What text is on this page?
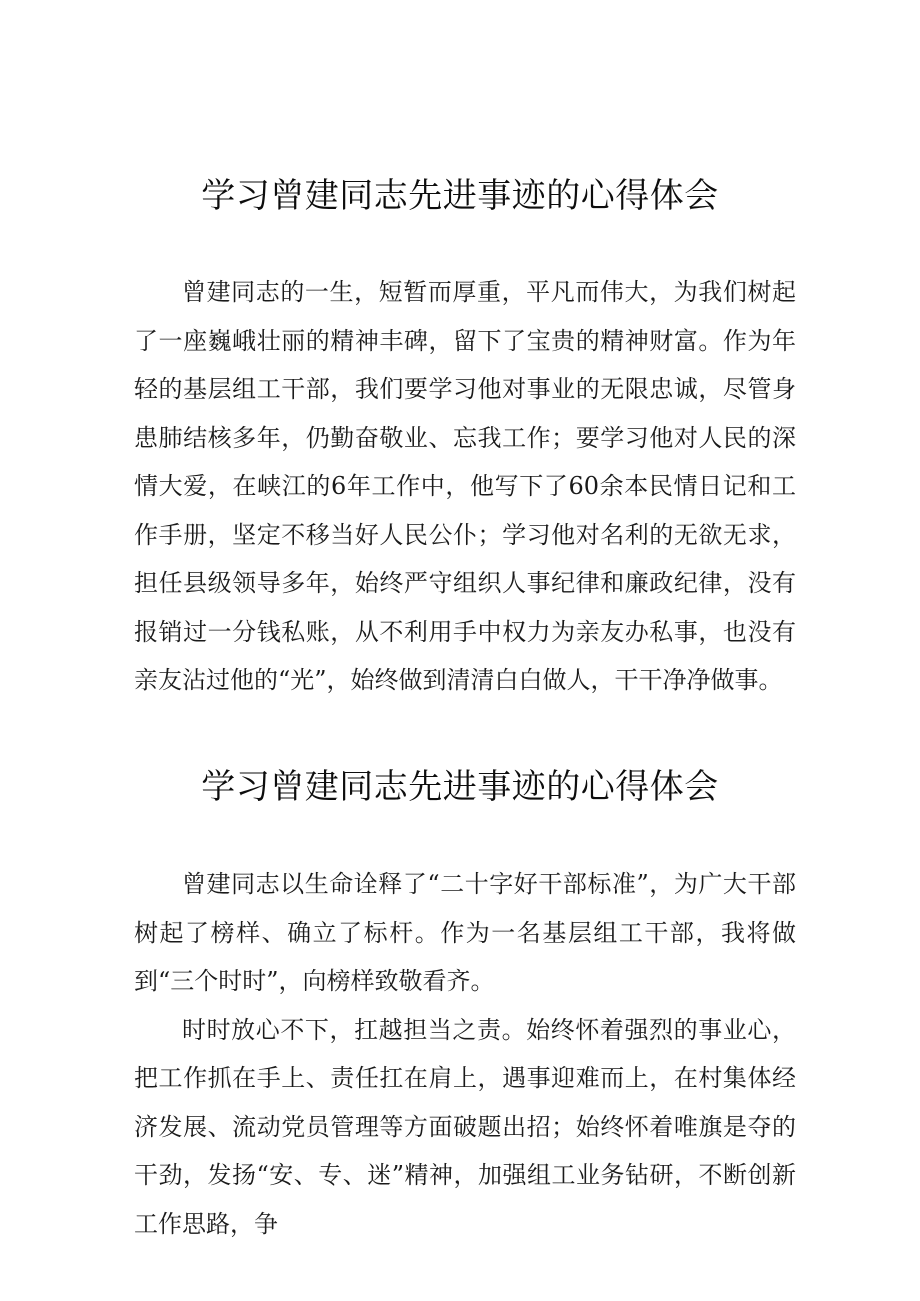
学习曾建同志先进事迹的心得体会

曾建同志的一生，短暂而厚重，平凡而伟大，为我们树起了一座巍峨壮丽的精神丰碑，留下了宝贵的精神财富。作为年轻的基层组工干部，我们要学习他对事业的无限忠诚，尽管身患肺结核多年，仍勤奋敬业、忘我工作；要学习他对人民的深情大爱，在峡江的6年工作中，他写下了60余本民情日记和工作手册，坚定不移当好人民公仆；学习他对名利的无欲无求，担任县级领导多年，始终严守组织人事纪律和廉政纪律，没有报销过一分钱私账，从不利用手中权力为亲友办私事，也没有亲友沾过他的“光”，始终做到清清白白做人，干干净净做事。

学习曾建同志先进事迹的心得体会

曾建同志以生命诠释了“二十字好干部标准”，为广大干部树起了榜样、确立了标杆。作为一名基层组工干部，我将做到“三个时时”，向榜样致敬看齐。

时时放心不下，扛越担当之责。始终怀着强烈的事业心，把工作抓在手上、责任扛在肩上，遇事迎难而上，在村集体经济发展、流动党员管理等方面破题出招；始终怀着唯旗是夺的干劲，发扬“安、专、迷”精神，加强组工业务钻研，不断创新工作思路，争
